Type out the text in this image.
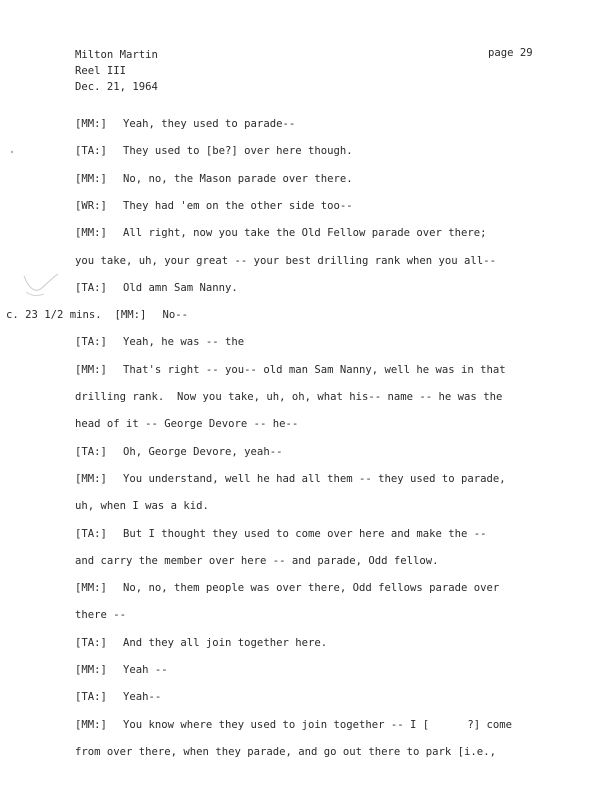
Milton Martin
Reel III
Dec. 21, 1964
page 29
[MM:] Yeah, they used to parade--
[TA:] They used to [be?] over here though.
[MM:] No, no, the Mason parade over there.
[WR:] They had 'em on the other side too--
[MM:] All right, now you take the Old Fellow parade over there;
you take, uh, your great -- your best drilling rank when you all--
[TA:] Old amn Sam Nanny.
c. 23 1/2 mins.  [MM:] No--
[TA:] Yeah, he was -- the
[MM:] That's right -- you-- old man Sam Nanny, well he was in that
drilling rank.  Now you take, uh, oh, what his-- name -- he was the
head of it -- George Devore -- he--
[TA:] Oh, George Devore, yeah--
[MM:] You understand, well he had all them -- they used to parade,
uh, when I was a kid.
[TA:] But I thought they used to come over here and make the --
and carry the member over here -- and parade, Odd fellow.
[MM:] No, no, them people was over there, Odd fellows parade over
there --
[TA:] And they all join together here.
[MM:] Yeah --
[TA:] Yeah--
[MM:] You know where they used to join together -- I [      ?] come
from over there, when they parade, and go out there to park [i.e.,
